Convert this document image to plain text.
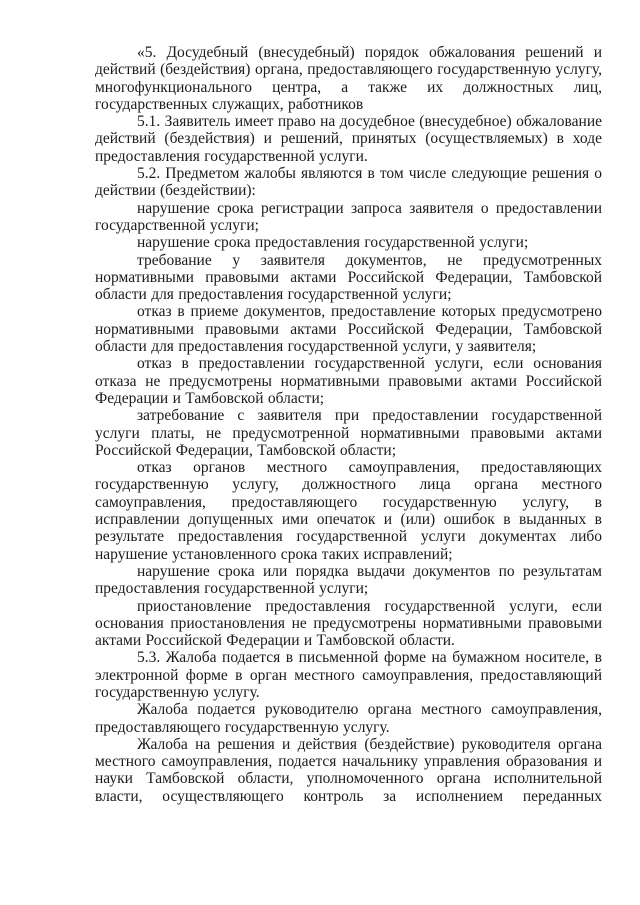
«5. Досудебный (внесудебный) порядок обжалования решений и действий (бездействия) органа, предоставляющего государственную услугу, многофункционального центра, а также их должностных лиц, государственных служащих, работников

5.1. Заявитель имеет право на досудебное (внесудебное) обжалование действий (бездействия) и решений, принятых (осуществляемых) в ходе предоставления государственной услуги.

5.2. Предметом жалобы являются в том числе следующие решения о действии (бездействии):

нарушение срока регистрации запроса заявителя о предоставлении государственной услуги;

нарушение срока предоставления государственной услуги;

требование у заявителя документов, не предусмотренных нормативными правовыми актами Российской Федерации, Тамбовской области для предоставления государственной услуги;

отказ в приеме документов, предоставление которых предусмотрено нормативными правовыми актами Российской Федерации, Тамбовской области для предоставления государственной услуги, у заявителя;

отказ в предоставлении государственной услуги, если основания отказа не предусмотрены нормативными правовыми актами Российской Федерации и Тамбовской области;

затребование с заявителя при предоставлении государственной услуги платы, не предусмотренной нормативными правовыми актами Российской Федерации, Тамбовской области;

отказ органов местного самоуправления, предоставляющих государственную услугу, должностного лица органа местного самоуправления, предоставляющего государственную услугу, в исправлении допущенных ими опечаток и (или) ошибок в выданных в результате предоставления государственной услуги документах либо нарушение установленного срока таких исправлений;

нарушение срока или порядка выдачи документов по результатам предоставления государственной услуги;

приостановление предоставления государственной услуги, если основания приостановления не предусмотрены нормативными правовыми актами Российской Федерации и Тамбовской области.

5.3. Жалоба подается в письменной форме на бумажном носителе, в электронной форме в орган местного самоуправления, предоставляющий государственную услугу.

Жалоба подается руководителю органа местного самоуправления, предоставляющего государственную услугу.

Жалоба на решения и действия (бездействие) руководителя органа местного самоуправления, подается начальнику управления образования и науки Тамбовской области, уполномоченного органа исполнительной власти, осуществляющего контроль за исполнением переданных
